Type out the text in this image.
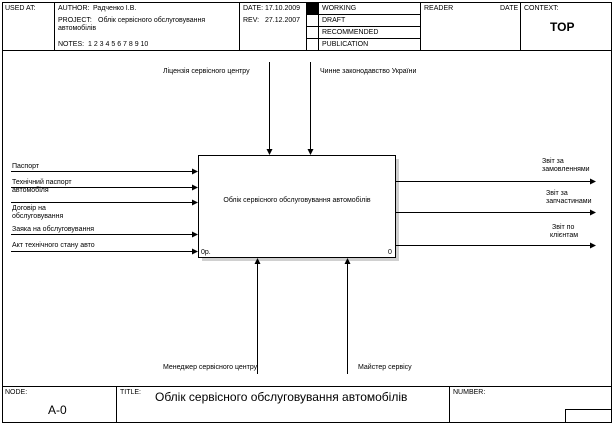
USED AT:	AUTHOR: Радченко І.В.
PROJECT: Облік сервісного обслуговування
автомобілів
NOTES: 1 2 3 4 5 6 7 8 9 10
DATE: 17.10.2009
REV: 27.12.2007
WORKING
DRAFT
RECOMMENDED
PUBLICATION
READER	DATE CONTEXT:
TOP
Облік сервісного обслуговування автомобілів
0р.	0
Ліцензія сервісного центру	Чинне законодавство України
Паспорт
Технічний паспорт
автомобіля
Договір на
обслуговування
Заяка на обслуговування
Акт технічного стану авто
Звіт за
замовленнями
Звіт за
запчастинами
Звіт по
клієнтам
Менеджер сервісного центру	Майстер сервісу
NODE:
A-0
TITLE: Облік сервісного обслуговування автомобілів	NUMBER:
